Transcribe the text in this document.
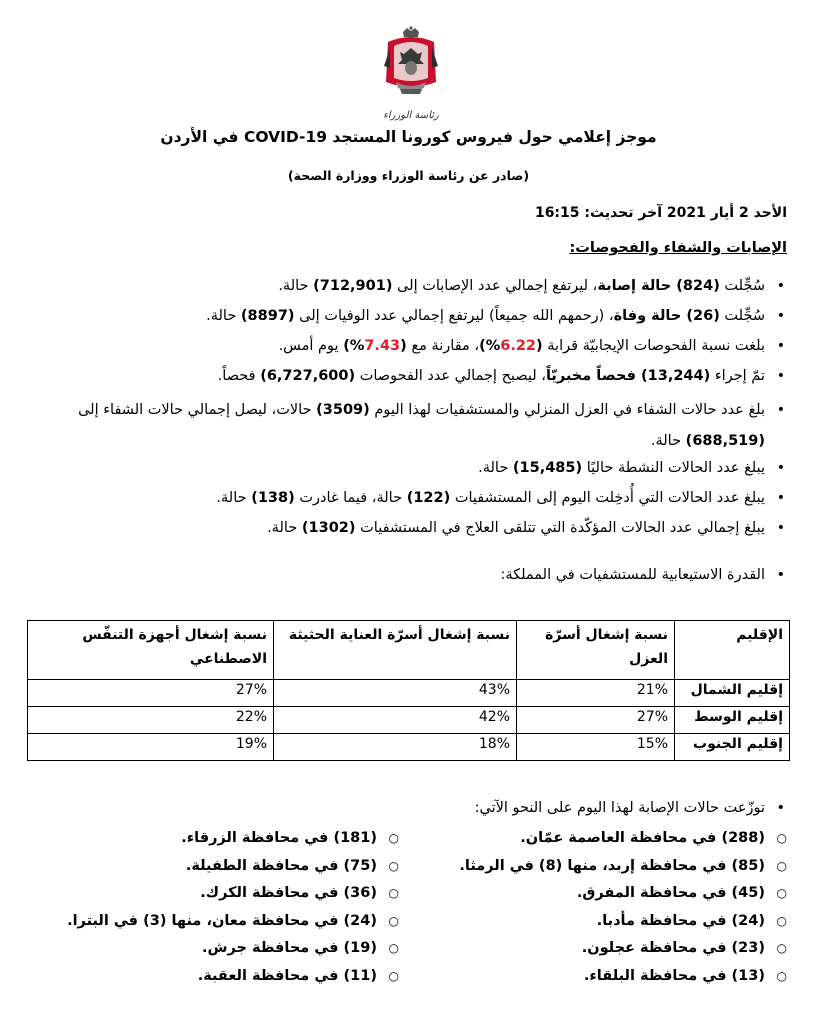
رئاسة الوزراء
موجز إعلامي حول فيروس كورونا المستجد COVID-19 في الأردن
(صادر عن رئاسة الوزراء ووزارة الصحة)
الأحد 2 أيار 2021 آخر تحديث: 16:15
الإصابات والشفاء والفحوصات:
• سُجِّلت (824) حالة إصابة، ليرتفع إجمالي عدد الإصابات إلى (712,901) حالة.
• سُجِّلت (26) حالة وفاة، (رحمهم الله جميعاً) ليرتفع إجمالي عدد الوفيات إلى (8897) حالة.
• بلغت نسبة الفحوصات الإيجابيّة قرابة (6.22%)، مقارنة مع (7.43%) يوم أمس.
• تمّ إجراء (13,244) فحصاً مخبريّاً، ليصبح إجمالي عدد الفحوصات (6,727,600) فحصاً.
• بلغ عدد حالات الشفاء في العزل المنزلي والمستشفيات لهذا اليوم (3509) حالات، ليصل إجمالي حالات الشفاء إلى (688,519) حالة.
• يبلغ عدد الحالات النشطة حاليًا (15,485) حالة.
• يبلغ عدد الحالات التي أُدخِلت اليوم إلى المستشفيات (122) حالة، فيما غادرت (138) حالة.
• يبلغ إجمالي عدد الحالات المؤكّدة التي تتلقى العلاج في المستشفيات (1302) حالة.
• القدرة الاستيعابية للمستشفيات في المملكة:
الإقليم	نسبة إشغال أسرّة العزل	نسبة إشغال أسرّة العناية الحثيثة	نسبة إشغال أجهزة التنفّس الاصطناعي
إقليم الشمال	21%	43%	27%
إقليم الوسط	27%	42%	22%
إقليم الجنوب	15%	18%	19%
• توزّعت حالات الإصابة لهذا اليوم على النحو الآتي:
○ (288) في محافظة العاصمة عمّان.
○ (85) في محافظة إربد، منها (8) في الرمثا.
○ (45) في محافظة المفرق.
○ (24) في محافظة مأدبا.
○ (23) في محافظة عجلون.
○ (13) في محافظة البلقاء.
○ (181) في محافظة الزرقاء.
○ (75) في محافظة الطفيلة.
○ (36) في محافظة الكرك.
○ (24) في محافظة معان، منها (3) في البترا.
○ (19) في محافظة جرش.
○ (11) في محافظة العقبة.
